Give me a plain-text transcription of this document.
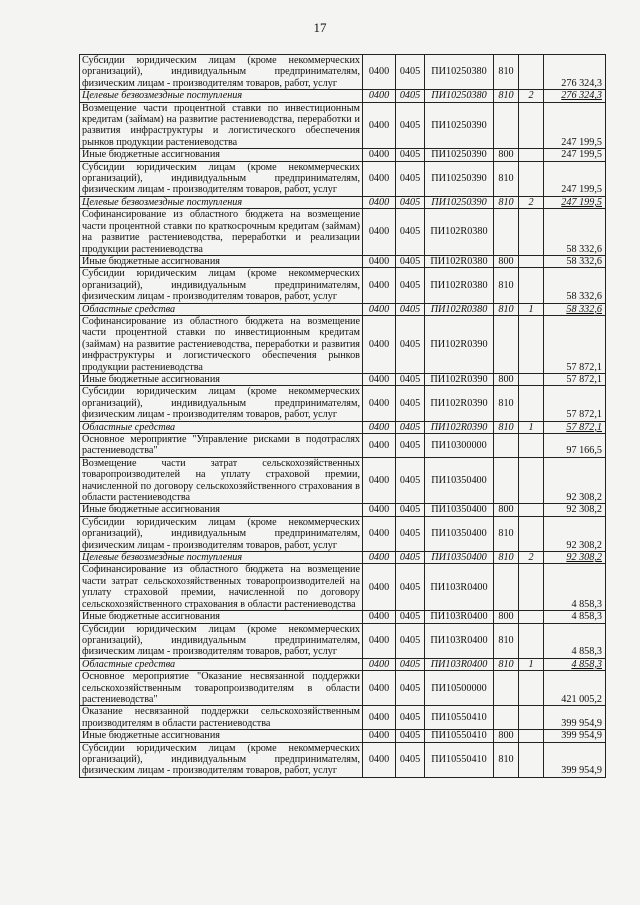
17
Субсидии юридическим лицам (кроме некоммерческих организаций), индивидуальным предпринимателям, физическим лицам - производителям товаров, работ, услуг	0400	0405	ПИ10250380	810		276 324,3
Целевые безвозмездные поступления	0400	0405	ПИ10250380	810	2	276 324,3
Возмещение части процентной ставки по инвестиционным кредитам (займам) на развитие растениеводства, переработки и развития инфраструктуры и логистического обеспечения рынков продукции растениеводства	0400	0405	ПИ10250390			247 199,5
Иные бюджетные ассигнования	0400	0405	ПИ10250390	800		247 199,5
Субсидии юридическим лицам (кроме некоммерческих организаций), индивидуальным предпринимателям, физическим лицам - производителям товаров, работ, услуг	0400	0405	ПИ10250390	810		247 199,5
Целевые безвозмездные поступления	0400	0405	ПИ10250390	810	2	247 199,5
Софинансирование из областного бюджета на возмещение части процентной ставки по краткосрочным кредитам (займам) на развитие растениеводства, переработки и реализации продукции растениеводства	0400	0405	ПИ102R0380			58 332,6
Иные бюджетные ассигнования	0400	0405	ПИ102R0380	800		58 332,6
Субсидии юридическим лицам (кроме некоммерческих организаций), индивидуальным предпринимателям, физическим лицам - производителям товаров, работ, услуг	0400	0405	ПИ102R0380	810		58 332,6
Областные средства	0400	0405	ПИ102R0380	810	1	58 332,6
Софинансирование из областного бюджета на возмещение части процентной ставки по инвестиционным кредитам (займам) на развитие растениеводства, переработки и развития инфраструктуры и логистического обеспечения рынков продукции растениеводства	0400	0405	ПИ102R0390			57 872,1
Иные бюджетные ассигнования	0400	0405	ПИ102R0390	800		57 872,1
Субсидии юридическим лицам (кроме некоммерческих организаций), индивидуальным предпринимателям, физическим лицам - производителям товаров, работ, услуг	0400	0405	ПИ102R0390	810		57 872,1
Областные средства	0400	0405	ПИ102R0390	810	1	57 872,1
Основное мероприятие "Управление рисками в подотраслях растениеводства"	0400	0405	ПИ10300000			97 166,5
Возмещение части затрат сельскохозяйственных товаропроизводителей на уплату страховой премии, начисленной по договору сельскохозяйственного страхования в области растениеводства	0400	0405	ПИ10350400			92 308,2
Иные бюджетные ассигнования	0400	0405	ПИ10350400	800		92 308,2
Субсидии юридическим лицам (кроме некоммерческих организаций), индивидуальным предпринимателям, физическим лицам - производителям товаров, работ, услуг	0400	0405	ПИ10350400	810		92 308,2
Целевые безвозмездные поступления	0400	0405	ПИ10350400	810	2	92 308,2
Софинансирование из областного бюджета на возмещение части затрат сельскохозяйственных товаропроизводителей на уплату страховой премии, начисленной по договору сельскохозяйственного страхования в области растениеводства	0400	0405	ПИ103R0400			4 858,3
Иные бюджетные ассигнования	0400	0405	ПИ103R0400	800		4 858,3
Субсидии юридическим лицам (кроме некоммерческих организаций), индивидуальным предпринимателям, физическим лицам - производителям товаров, работ, услуг	0400	0405	ПИ103R0400	810		4 858,3
Областные средства	0400	0405	ПИ103R0400	810	1	4 858,3
Основное мероприятие "Оказание несвязанной поддержки сельскохозяйственным товаропроизводителям в области растениеводства"	0400	0405	ПИ10500000			421 005,2
Оказание несвязанной поддержки сельскохозяйственным производителям в области растениеводства	0400	0405	ПИ10550410			399 954,9
Иные бюджетные ассигнования	0400	0405	ПИ10550410	800		399 954,9
Субсидии юридическим лицам (кроме некоммерческих организаций), индивидуальным предпринимателям, физическим лицам - производителям товаров, работ, услуг	0400	0405	ПИ10550410	810		399 954,9
